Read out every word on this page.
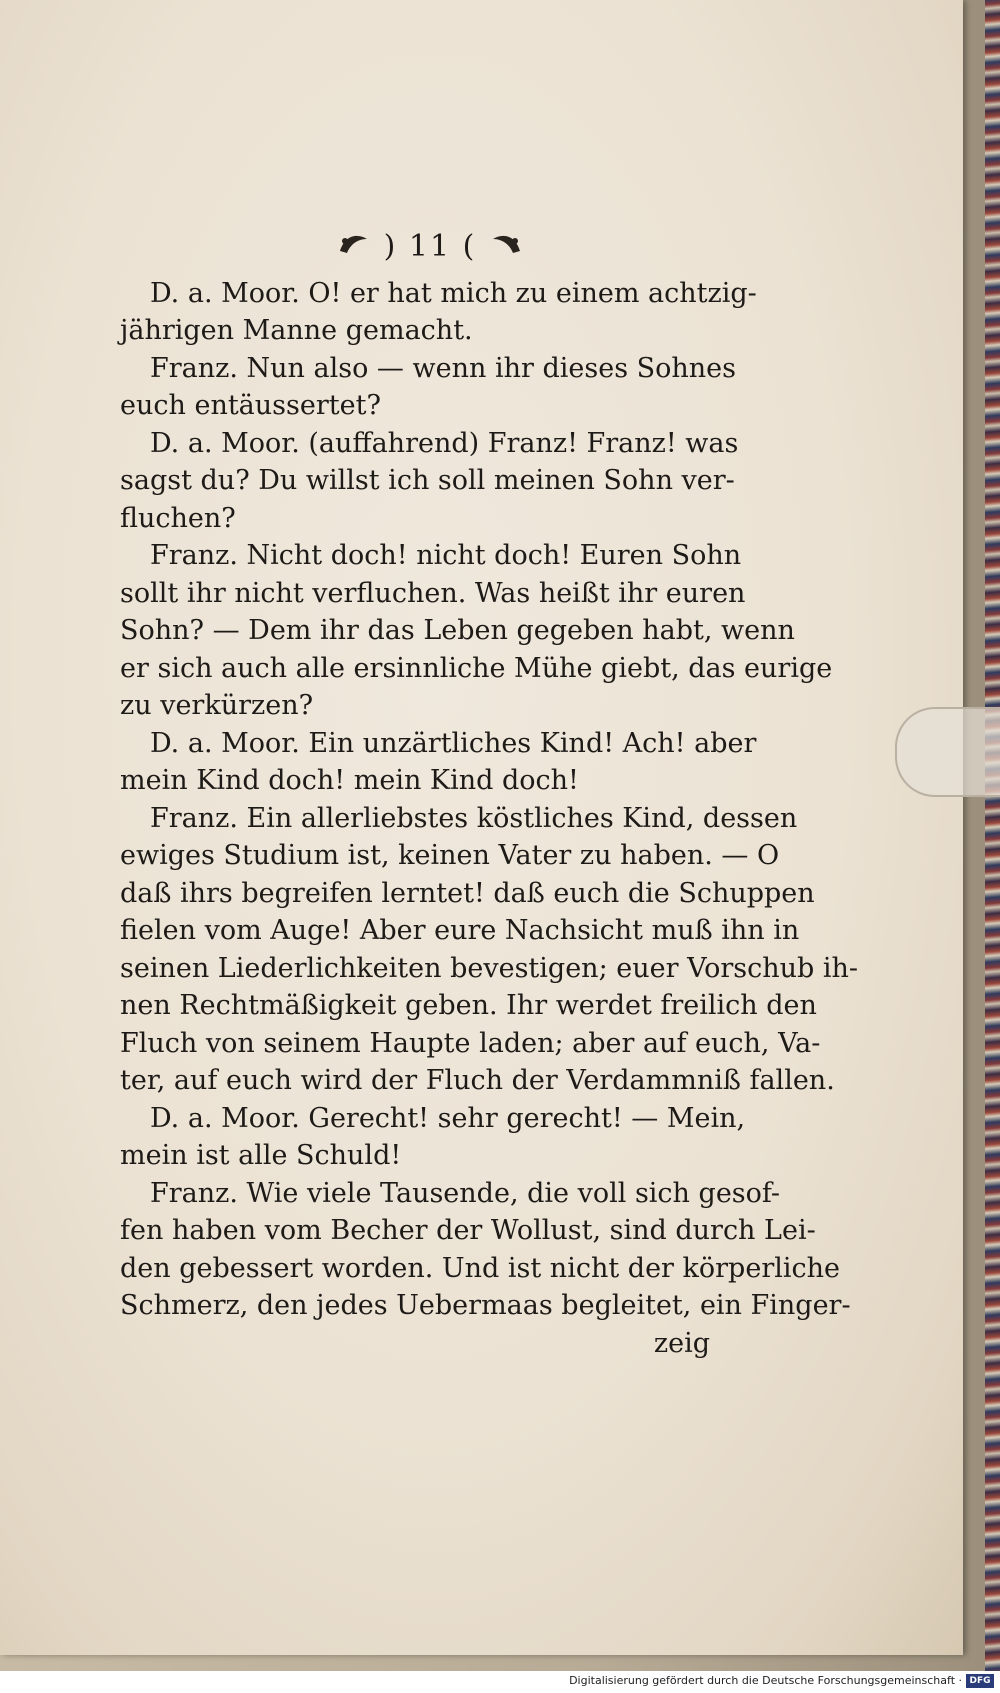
) 11 (

D. a. Moor. O! er hat mich zu einem achtzig-

jährigen Manne gemacht.

Franz. Nun also — wenn ihr dieses Sohnes

euch entäussertet?

D. a. Moor. (auffahrend) Franz! Franz! was

sagst du? Du willst ich soll meinen Sohn ver-

fluchen?

Franz. Nicht doch! nicht doch! Euren Sohn

sollt ihr nicht verfluchen. Was heißt ihr euren

Sohn? — Dem ihr das Leben gegeben habt, wenn

er sich auch alle ersinnliche Mühe giebt, das eurige

zu verkürzen?

D. a. Moor. Ein unzärtliches Kind! Ach! aber

mein Kind doch! mein Kind doch!

Franz. Ein allerliebstes köstliches Kind, dessen

ewiges Studium ist, keinen Vater zu haben. — O

daß ihrs begreifen lerntet! daß euch die Schuppen

fielen vom Auge! Aber eure Nachsicht muß ihn in

seinen Liederlichkeiten bevestigen; euer Vorschub ih-

nen Rechtmäßigkeit geben. Ihr werdet freilich den

Fluch von seinem Haupte laden; aber auf euch, Va-

ter, auf euch wird der Fluch der Verdammniß fallen.

D. a. Moor. Gerecht! sehr gerecht! — Mein,

mein ist alle Schuld!

Franz. Wie viele Tausende, die voll sich gesof-

fen haben vom Becher der Wollust, sind durch Lei-

den gebessert worden. Und ist nicht der körperliche

Schmerz, den jedes Uebermaas begleitet, ein Finger-

zeig

Digitalisierung gefördert durch die Deutsche Forschungsgemeinschaft · DFG
